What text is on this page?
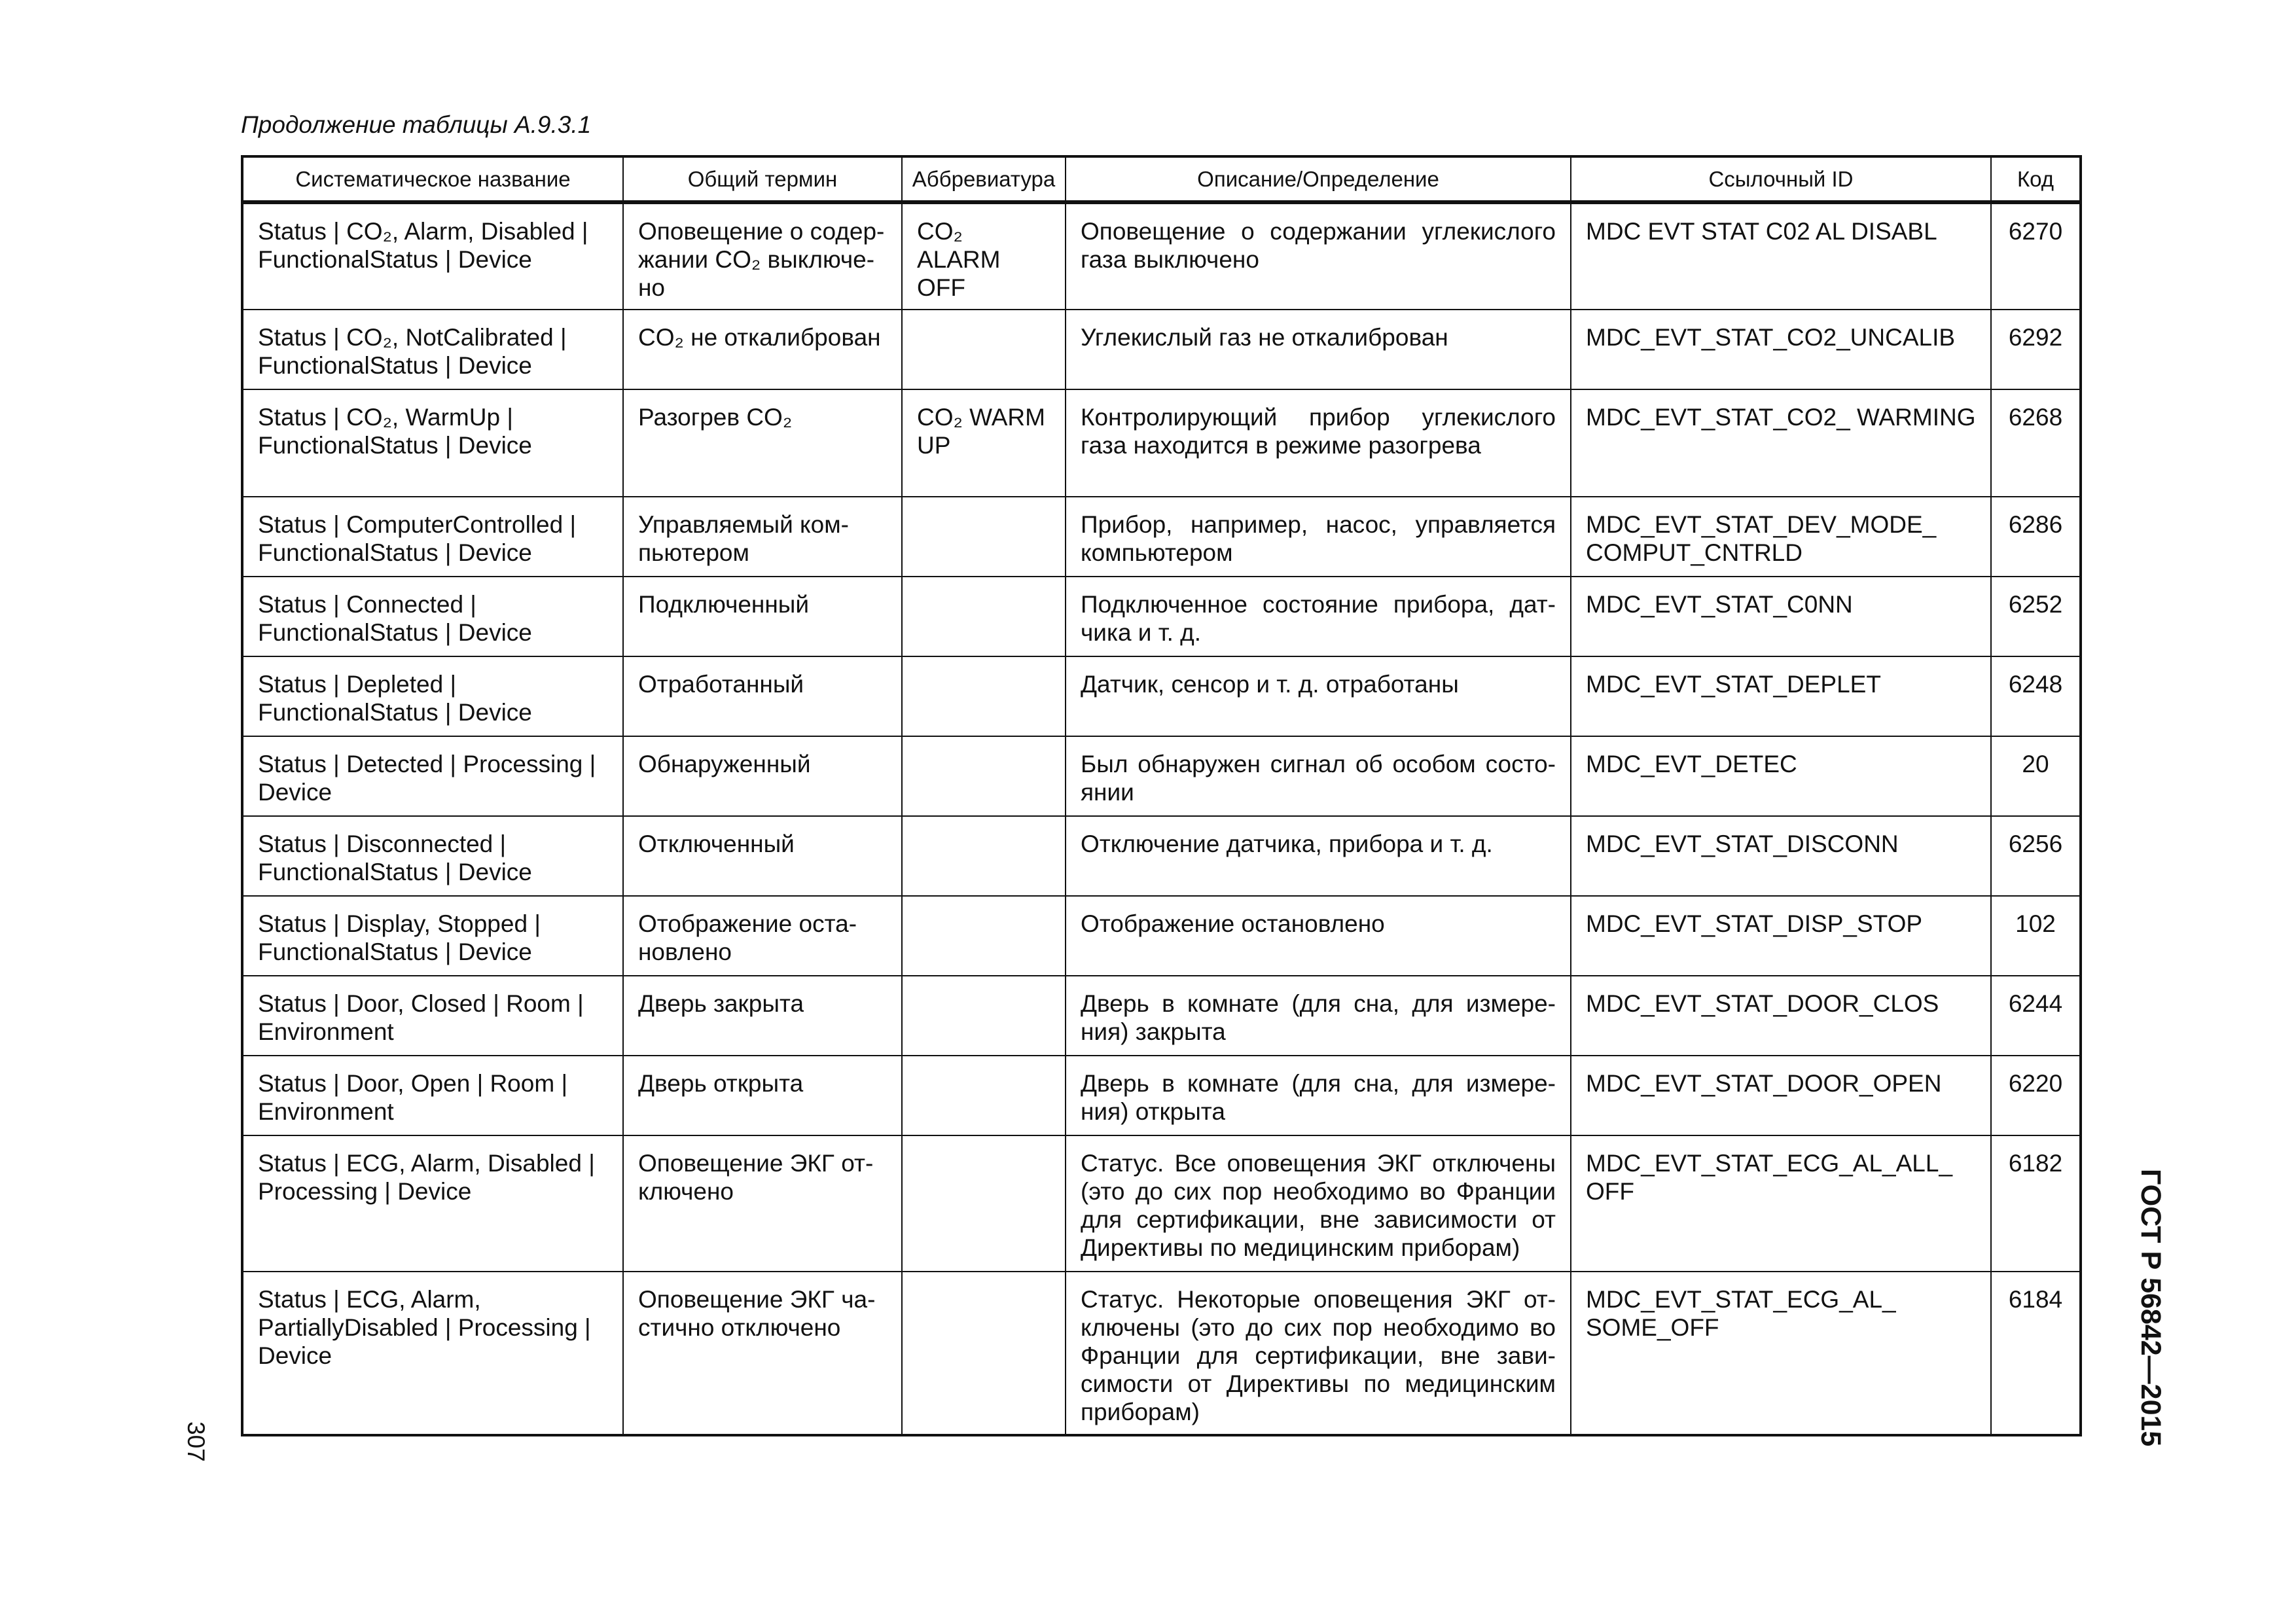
Продолжение таблицы А.9.3.1
Систематическое название	Общий термин	Аббревиатура	Описание/Определение	Ссылочный ID	Код
Status | CO₂, Alarm, Disabled | FunctionalStatus | Device	Оповещение о содер-жании CO₂ выключе-но	CO₂ ALARM OFF	Оповещение о содержании углекислого газа выключено	MDC EVT STAT C02 AL DISABL	6270
Status | CO₂, NotCalibrated | FunctionalStatus | Device	CO₂ не откалиброван		Углекислый газ не откалиброван	MDC_EVT_STAT_CO2_UNCALIB	6292
Status | CO₂, WarmUp | FunctionalStatus | Device	Разогрев CO₂	CO₂ WARM UP	Контролирующий прибор углекислого газа находится в режиме разогрева	MDC_EVT_STAT_CO2_ WARMING	6268
Status | ComputerControlled | FunctionalStatus | Device	Управляемый ком-пьютером		Прибор, например, насос, управляется компьютером	MDC_EVT_STAT_DEV_MODE_ COMPUT_CNTRLD	6286
Status | Connected | FunctionalStatus | Device	Подключенный		Подключенное состояние прибора, дат-чика и т. д.	MDC_EVT_STAT_C0NN	6252
Status | Depleted | FunctionalStatus | Device	Отработанный		Датчик, сенсор и т. д. отработаны	MDC_EVT_STAT_DEPLET	6248
Status | Detected | Processing | Device	Обнаруженный		Был обнаружен сигнал об особом состо-янии	MDC_EVT_DETEC	20
Status | Disconnected | FunctionalStatus | Device	Отключенный		Отключение датчика, прибора и т. д.	MDC_EVT_STAT_DISCONN	6256
Status | Display, Stopped | FunctionalStatus | Device	Отображение оста-новлено		Отображение остановлено	MDC_EVT_STAT_DISP_STOP	102
Status | Door, Closed | Room | Environment	Дверь закрыта		Дверь в комнате (для сна, для измере-ния) закрыта	MDC_EVT_STAT_DOOR_CLOS	6244
Status | Door, Open | Room | Environment	Дверь открыта		Дверь в комнате (для сна, для измере-ния) открыта	MDC_EVT_STAT_DOOR_OPEN	6220
Status | ECG, Alarm, Disabled | Processing | Device	Оповещение ЭКГ от-ключено		Статус. Все оповещения ЭКГ отключены (это до сих пор необходимо во Франции для сертификации, вне зависимости от Директивы по медицинским приборам)	MDC_EVT_STAT_ECG_AL_ALL_ OFF	6182
Status | ECG, Alarm, PartiallyDisabled | Processing | Device	Оповещение ЭКГ ча-стично отключено		Статус. Некоторые оповещения ЭКГ от-ключены (это до сих пор необходимо во Франции для сертификации, вне зави-симости от Директивы по медицинским приборам)	MDC_EVT_STAT_ECG_AL_ SOME_OFF	6184
307	ГОСТ Р 56842—2015
